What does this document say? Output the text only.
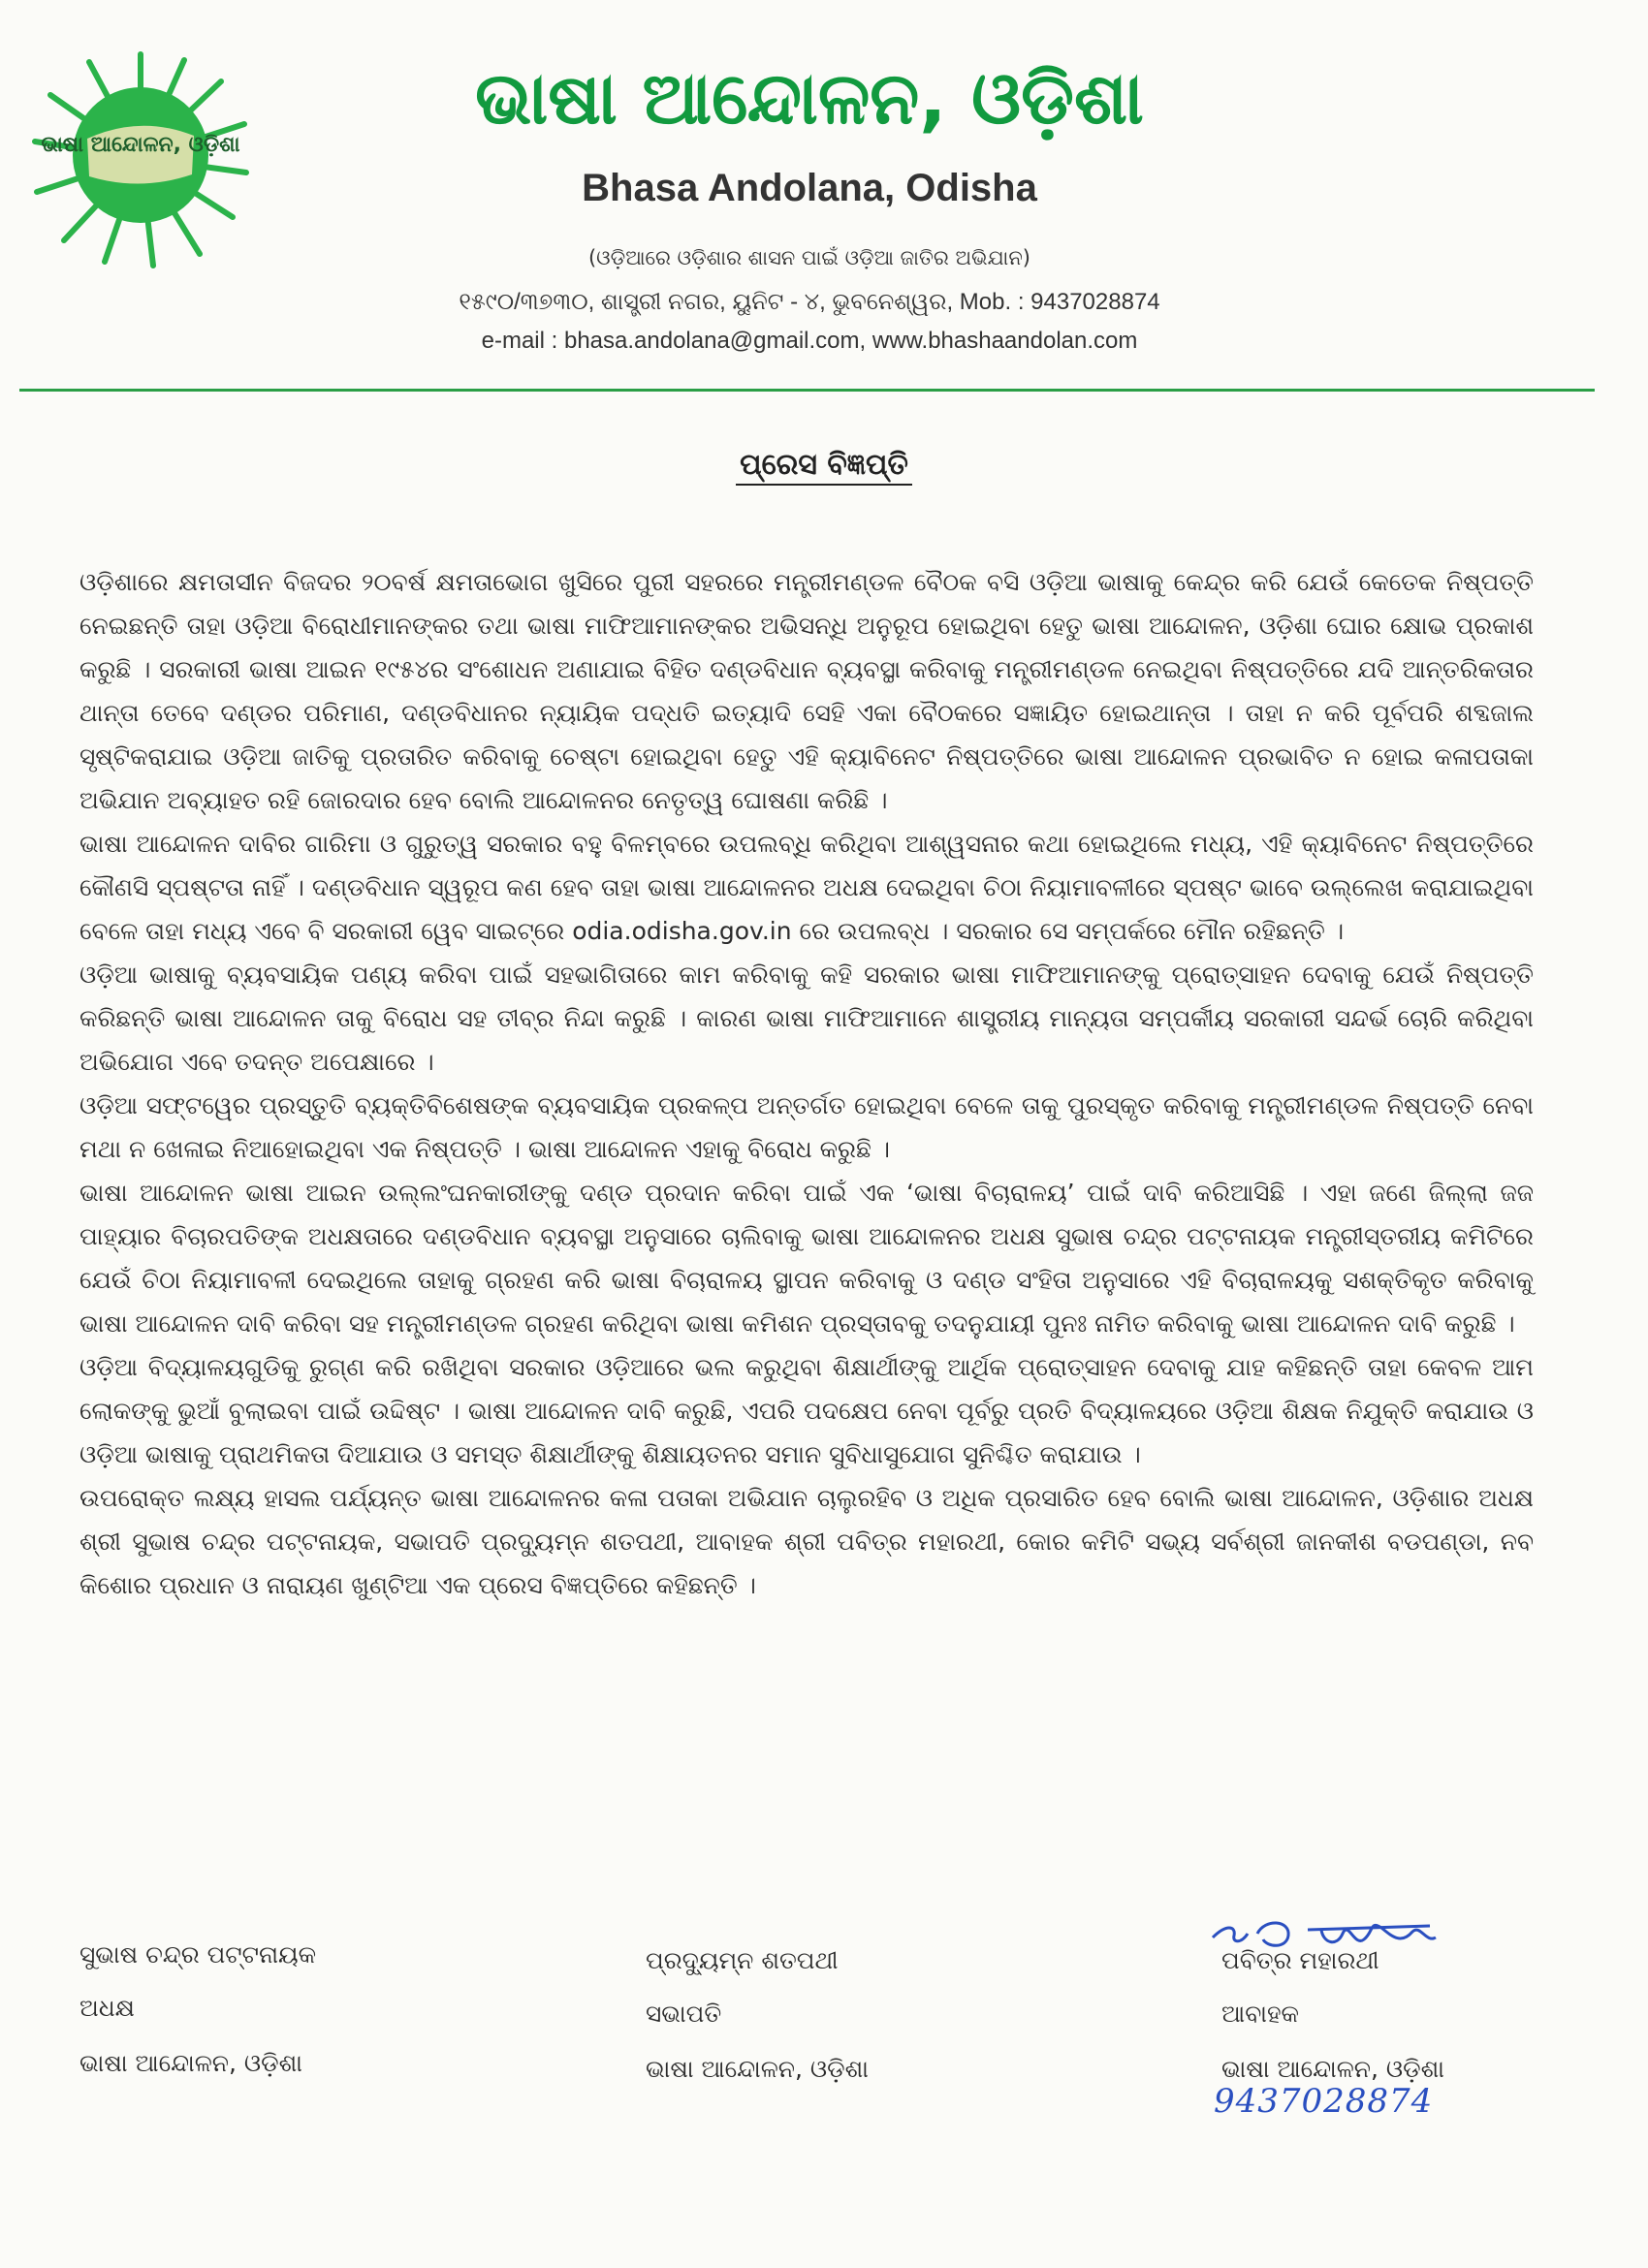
ଭାଷା ଆନ୍ଦୋଳନ, ଓଡ଼ିଶା
ଭାଷା ଆନ୍ଦୋଳନ, ଓଡ଼ିଶା
Bhasa Andolana, Odisha
(ଓଡ଼ିଆରେ ଓଡ଼ିଶାର ଶାସନ ପାଇଁ ଓଡ଼ିଆ ଜାତିର ଅଭିଯାନ)
୧୫୯୦/୩୭୩୦, ଶାସ୍ତ୍ରୀ ନଗର, ୟୁନିଟ - ୪, ଭୁବନେଶ୍ୱର, Mob. : 9437028874
e-mail : bhasa.andolana@gmail.com, www.bhashaandolan.com
ପ୍ରେସ ବିଜ୍ଞପ୍ତି

ଓଡ଼ିଶାରେ କ୍ଷମତାସୀନ ବିଜଦର ୨୦ବର୍ଷ କ୍ଷମତାଭୋଗ ଖୁସିରେ ପୁରୀ ସହରରେ ମନ୍ତ୍ରୀମଣ୍ଡଳ ବୈଠକ ବସି ଓଡ଼ିଆ ଭାଷାକୁ କେନ୍ଦ୍ର କରି ଯେଉଁ କେତେକ ନିଷ୍ପତ୍ତି ନେଇଛନ୍ତି ତାହା ଓଡ଼ିଆ ବିରୋଧୀମାନଙ୍କର ତଥା ଭାଷା ମାଫିଆମାନଙ୍କର ଅଭିସନ୍ଧି ଅନୁରୂପ ହୋଇଥିବା ହେତୁ ଭାଷା ଆନ୍ଦୋଳନ, ଓଡ଼ିଶା ଘୋର କ୍ଷୋଭ ପ୍ରକାଶ କରୁଛି । ସରକାରୀ ଭାଷା ଆଇନ ୧୯୫୪ର ସଂଶୋଧନ ଅଣାଯାଇ ବିହିତ ଦଣ୍ଡବିଧାନ ବ୍ୟବସ୍ଥା କରିବାକୁ ମନ୍ତ୍ରୀମଣ୍ଡଳ ନେଇଥିବା ନିଷ୍ପତ୍ତିରେ ଯଦି ଆନ୍ତରିକତାର ଥାନ୍ତା ତେବେ ଦଣ୍ଡର ପରିମାଣ, ଦଣ୍ଡବିଧାନର ନ୍ୟାୟିକ ପଦ୍ଧତି ଇତ୍ୟାଦି ସେହି ଏକା ବୈଠକରେ ସଜ୍ଞାୟିତ ହୋଇଥାନ୍ତା । ତାହା ନ କରି ପୂର୍ବପରି ଶବ୍ଦଜାଲ ସୃଷ୍ଟିକରାଯାଇ ଓଡ଼ିଆ ଜାତିକୁ ପ୍ରତାରିତ କରିବାକୁ ଚେଷ୍ଟା ହୋଇଥିବା ହେତୁ ଏହି କ୍ୟାବିନେଟ ନିଷ୍ପତ୍ତିରେ ଭାଷା ଆନ୍ଦୋଳନ ପ୍ରଭାବିତ ନ ହୋଇ କଳାପତାକା ଅଭିଯାନ ଅବ୍ୟାହତ ରହି ଜୋରଦାର ହେବ ବୋଲି ଆନ୍ଦୋଳନର ନେତୃତ୍ୱ ଘୋଷଣା କରିଛି ।

ଭାଷା ଆନ୍ଦୋଳନ ଦାବିର ଗାରିମା ଓ ଗୁରୁତ୍ୱ ସରକାର ବହୁ ବିଳମ୍ବରେ ଉପଲବ୍ଧି କରିଥିବା ଆଶ୍ୱସନାର କଥା ହୋଇଥିଲେ ମଧ୍ୟ, ଏହି କ୍ୟାବିନେଟ ନିଷ୍ପତ୍ତିରେ କୌଣସି ସ୍ପଷ୍ଟତା ନାହିଁ । ଦଣ୍ଡବିଧାନ ସ୍ୱରୂପ କଣ ହେବ ତାହା ଭାଷା ଆନ୍ଦୋଳନର ଅଧକ୍ଷ ଦେଇଥିବା ଚିଠା ନିୟାମାବଳୀରେ ସ୍ପଷ୍ଟ ଭାବେ ଉଲ୍ଲେଖ କରାଯାଇଥିବା ବେଳେ ତାହା ମଧ୍ୟ ଏବେ ବି ସରକାରୀ ୱେବ ସାଇଟ୍‌ରେ odia.odisha.gov.in ରେ ଉପଲବ୍ଧ । ସରକାର ସେ ସମ୍ପର୍କରେ ମୌନ ରହିଛନ୍ତି ।

ଓଡ଼ିଆ ଭାଷାକୁ ବ୍ୟବସାୟିକ ପଣ୍ୟ କରିବା ପାଇଁ ସହଭାଗିତାରେ କାମ କରିବାକୁ କହି ସରକାର ଭାଷା ମାଫିଆମାନଙ୍କୁ ପ୍ରୋତ୍ସାହନ ଦେବାକୁ ଯେଉଁ ନିଷ୍ପତ୍ତି କରିଛନ୍ତି ଭାଷା ଆନ୍ଦୋଳନ ତାକୁ ବିରୋଧ ସହ ତୀବ୍ର ନିନ୍ଦା କରୁଛି । କାରଣ ଭାଷା ମାଫିଆମାନେ ଶାସ୍ତ୍ରୀୟ ମାନ୍ୟତା ସମ୍ପର୍କୀୟ ସରକାରୀ ସନ୍ଦର୍ଭ ଚୋରି କରିଥିବା ଅଭିଯୋଗ ଏବେ ତଦନ୍ତ ଅପେକ୍ଷାରେ ।

ଓଡ଼ିଆ ସଫ୍ଟୱେର ପ୍ରସ୍ତୁତି ବ୍ୟକ୍ତିବିଶେଷଙ୍କ ବ୍ୟବସାୟିକ ପ୍ରକଳ୍ପ ଅନ୍ତର୍ଗତ ହୋଇଥିବା ବେଳେ ତାକୁ ପୁରସ୍କୃତ କରିବାକୁ ମନ୍ତ୍ରୀମଣ୍ଡଳ ନିଷ୍ପତ୍ତି ନେବା ମଥା ନ ଖେଳାଇ ନିଆହୋଇଥିବା ଏକ ନିଷ୍ପତ୍ତି । ଭାଷା ଆନ୍ଦୋଳନ ଏହାକୁ ବିରୋଧ କରୁଛି ।

ଭାଷା ଆନ୍ଦୋଳନ ଭାଷା ଆଇନ ଉଲ୍ଲଂଘନକାରୀଙ୍କୁ ଦଣ୍ଡ ପ୍ରଦାନ କରିବା ପାଇଁ ଏକ ‘ଭାଷା ବିଚାରାଳୟ’ ପାଇଁ ଦାବି କରିଆସିଛି । ଏହା ଜଣେ ଜିଲ୍ଲା ଜଜ ପାହ୍ୟାର ବିଚାରପତିଙ୍କ ଅଧକ୍ଷତାରେ ଦଣ୍ଡବିଧାନ ବ୍ୟବସ୍ଥା ଅନୁସାରେ ଚାଲିବାକୁ ଭାଷା ଆନ୍ଦୋଳନର ଅଧକ୍ଷ ସୁଭାଷ ଚନ୍ଦ୍ର ପଟ୍ଟନାୟକ ମନ୍ତ୍ରୀସ୍ତରୀୟ କମିଟିରେ ଯେଉଁ ଚିଠା ନିୟାମାବଳୀ ଦେଇଥିଲେ ତାହାକୁ ଗ୍ରହଣ କରି ଭାଷା ବିଚାରାଳୟ ସ୍ଥାପନ କରିବାକୁ ଓ ଦଣ୍ଡ ସଂହିତା ଅନୁସାରେ ଏହି ବିଚାରାଳୟକୁ ସଶକ୍ତିକୃତ କରିବାକୁ ଭାଷା ଆନ୍ଦୋଳନ ଦାବି କରିବା ସହ ମନ୍ତ୍ରୀମଣ୍ଡଳ ଗ୍ରହଣ କରିଥିବା ଭାଷା କମିଶନ ପ୍ରସ୍ତାବକୁ ତଦନୁଯାୟୀ ପୁନଃ ନାମିତ କରିବାକୁ ଭାଷା ଆନ୍ଦୋଳନ ଦାବି କରୁଛି ।

ଓଡ଼ିଆ ବିଦ୍ୟାଳୟଗୁଡିକୁ ରୁଗ୍ଣ କରି ରଖିଥିବା ସରକାର ଓଡ଼ିଆରେ ଭଲ କରୁଥିବା ଶିକ୍ଷାର୍ଥୀଙ୍କୁ ଆର୍ଥିକ ପ୍ରୋତ୍ସାହନ ଦେବାକୁ ଯାହ କହିଛନ୍ତି ତାହା କେବଳ ଆମ ଲୋକଙ୍କୁ ଭୁଆଁ ବୁଲାଇବା ପାଇଁ ଉଦ୍ଦିଷ୍ଟ । ଭାଷା ଆନ୍ଦୋଳନ ଦାବି କରୁଛି, ଏପରି ପଦକ୍ଷେପ ନେବା ପୂର୍ବରୁ ପ୍ରତି ବିଦ୍ୟାଳୟରେ ଓଡ଼ିଆ ଶିକ୍ଷକ ନିଯୁକ୍ତି କରାଯାଉ ଓ ଓଡ଼ିଆ ଭାଷାକୁ ପ୍ରାଥମିକତା ଦିଆଯାଉ ଓ ସମସ୍ତ ଶିକ୍ଷାର୍ଥୀଙ୍କୁ ଶିକ୍ଷାୟତନର ସମାନ ସୁବିଧାସୁଯୋଗ ସୁନିଶ୍ଚିତ କରାଯାଉ ।

ଉପରୋକ୍ତ ଲକ୍ଷ୍ୟ ହାସଲ ପର୍ଯ୍ୟନ୍ତ ଭାଷା ଆନ୍ଦୋଳନର କଳା ପତାକା ଅଭିଯାନ ଚାଲୁରହିବ ଓ ଅଧିକ ପ୍ରସାରିତ ହେବ ବୋଲି ଭାଷା ଆନ୍ଦୋଳନ, ଓଡ଼ିଶାର ଅଧକ୍ଷ ଶ୍ରୀ ସୁଭାଷ ଚନ୍ଦ୍ର ପଟ୍ଟନାୟକ, ସଭାପତି ପ୍ରଦ୍ୟୁମ୍ନ ଶତପଥୀ, ଆବାହକ ଶ୍ରୀ ପବିତ୍ର ମହାରଥୀ, କୋର କମିଟି ସଭ୍ୟ ସର୍ବଶ୍ରୀ ଜାନକୀଶ ବଡପଣ୍ଡା, ନବ କିଶୋର ପ୍ରଧାନ ଓ ନାରାୟଣ ଖୁଣ୍ଟିଆ ଏକ ପ୍ରେସ ବିଜ୍ଞପ୍ତିରେ କହିଛନ୍ତି ।

ସୁଭାଷ ଚନ୍ଦ୍ର ପଟ୍ଟନାୟକ
ଅଧକ୍ଷ
ଭାଷା ଆନ୍ଦୋଳନ, ଓଡ଼ିଶା
ପ୍ରଦ୍ୟୁମ୍ନ ଶତପଥୀ
ସଭାପତି
ଭାଷା ଆନ୍ଦୋଳନ, ଓଡ଼ିଶା
ପବିତ୍ର ମହାରଥୀ
ଆବାହକ
ଭାଷା ଆନ୍ଦୋଳନ, ଓଡ଼ିଶା
9437028874
